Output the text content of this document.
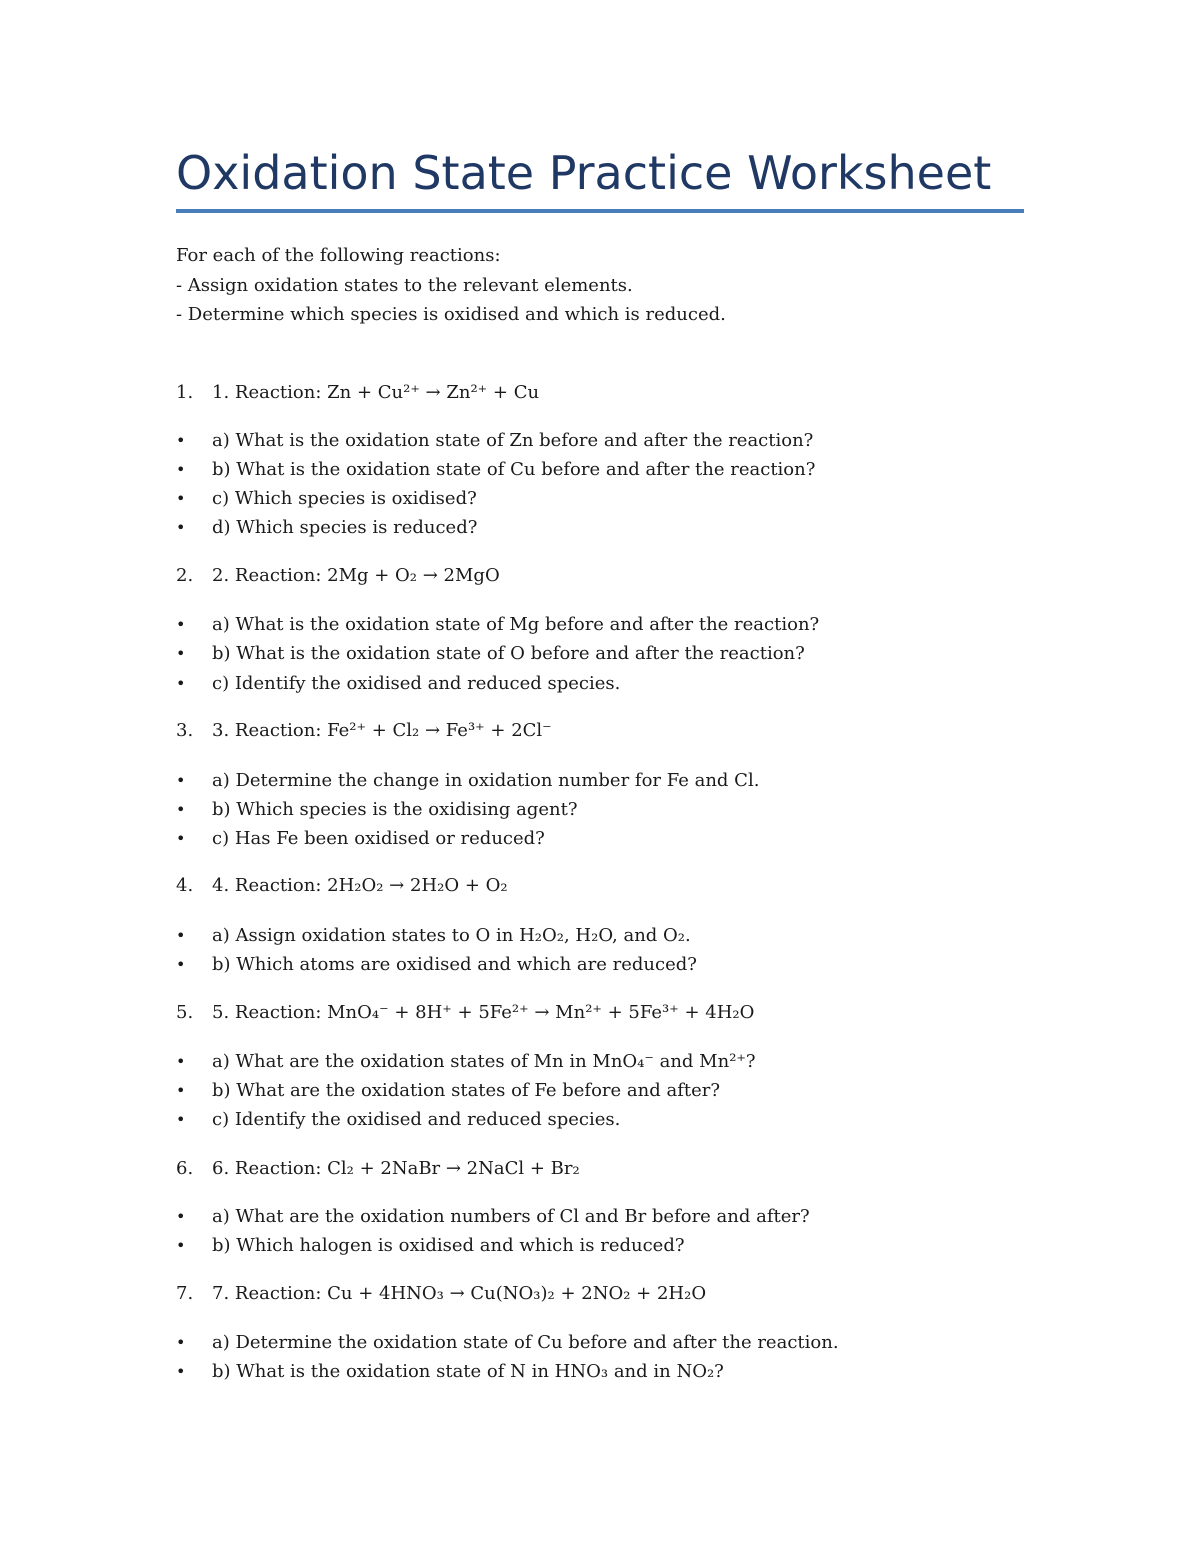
Oxidation State Practice Worksheet
For each of the following reactions:
- Assign oxidation states to the relevant elements.
- Determine which species is oxidised and which is reduced.
1. 1. Reaction: Zn + Cu²⁺ → Zn²⁺ + Cu
• a) What is the oxidation state of Zn before and after the reaction?
• b) What is the oxidation state of Cu before and after the reaction?
• c) Which species is oxidised?
• d) Which species is reduced?
2. 2. Reaction: 2Mg + O₂ → 2MgO
• a) What is the oxidation state of Mg before and after the reaction?
• b) What is the oxidation state of O before and after the reaction?
• c) Identify the oxidised and reduced species.
3. 3. Reaction: Fe²⁺ + Cl₂ → Fe³⁺ + 2Cl⁻
• a) Determine the change in oxidation number for Fe and Cl.
• b) Which species is the oxidising agent?
• c) Has Fe been oxidised or reduced?
4. 4. Reaction: 2H₂O₂ → 2H₂O + O₂
• a) Assign oxidation states to O in H₂O₂, H₂O, and O₂.
• b) Which atoms are oxidised and which are reduced?
5. 5. Reaction: MnO₄⁻ + 8H⁺ + 5Fe²⁺ → Mn²⁺ + 5Fe³⁺ + 4H₂O
• a) What are the oxidation states of Mn in MnO₄⁻ and Mn²⁺?
• b) What are the oxidation states of Fe before and after?
• c) Identify the oxidised and reduced species.
6. 6. Reaction: Cl₂ + 2NaBr → 2NaCl + Br₂
• a) What are the oxidation numbers of Cl and Br before and after?
• b) Which halogen is oxidised and which is reduced?
7. 7. Reaction: Cu + 4HNO₃ → Cu(NO₃)₂ + 2NO₂ + 2H₂O
• a) Determine the oxidation state of Cu before and after the reaction.
• b) What is the oxidation state of N in HNO₃ and in NO₂?
